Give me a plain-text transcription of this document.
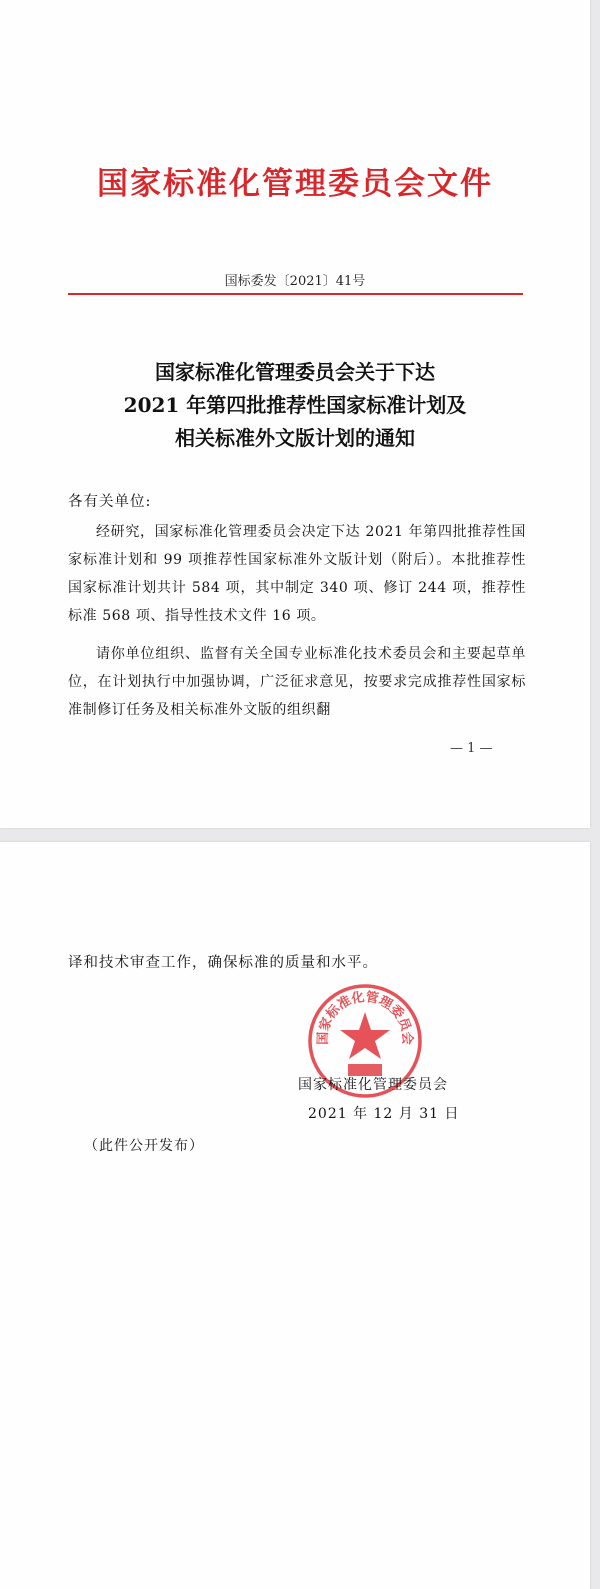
国家标准化管理委员会文件
国标委发〔2021〕41号
国家标准化管理委员会关于下达
2021 年第四批推荐性国家标准计划及
相关标准外文版计划的通知
各有关单位:
经研究，国家标准化管理委员会决定下达 2021 年第四批推荐性国家标准计划和 99 项推荐性国家标准外文版计划（附后）。本批推荐性国家标准计划共计 584 项，其中制定 340 项、修订 244 项，推荐性标准 568 项、指导性技术文件 16 项。
请你单位组织、监督有关全国专业标准化技术委员会和主要起草单位，在计划执行中加强协调，广泛征求意见，按要求完成推荐性国家标准制修订任务及相关标准外文版的组织翻
— 1 —
译和技术审查工作，确保标准的质量和水平。
国家标准化管理委员会
国家标准化管理委员会
2021 年 12 月 31 日
（此件公开发布）
